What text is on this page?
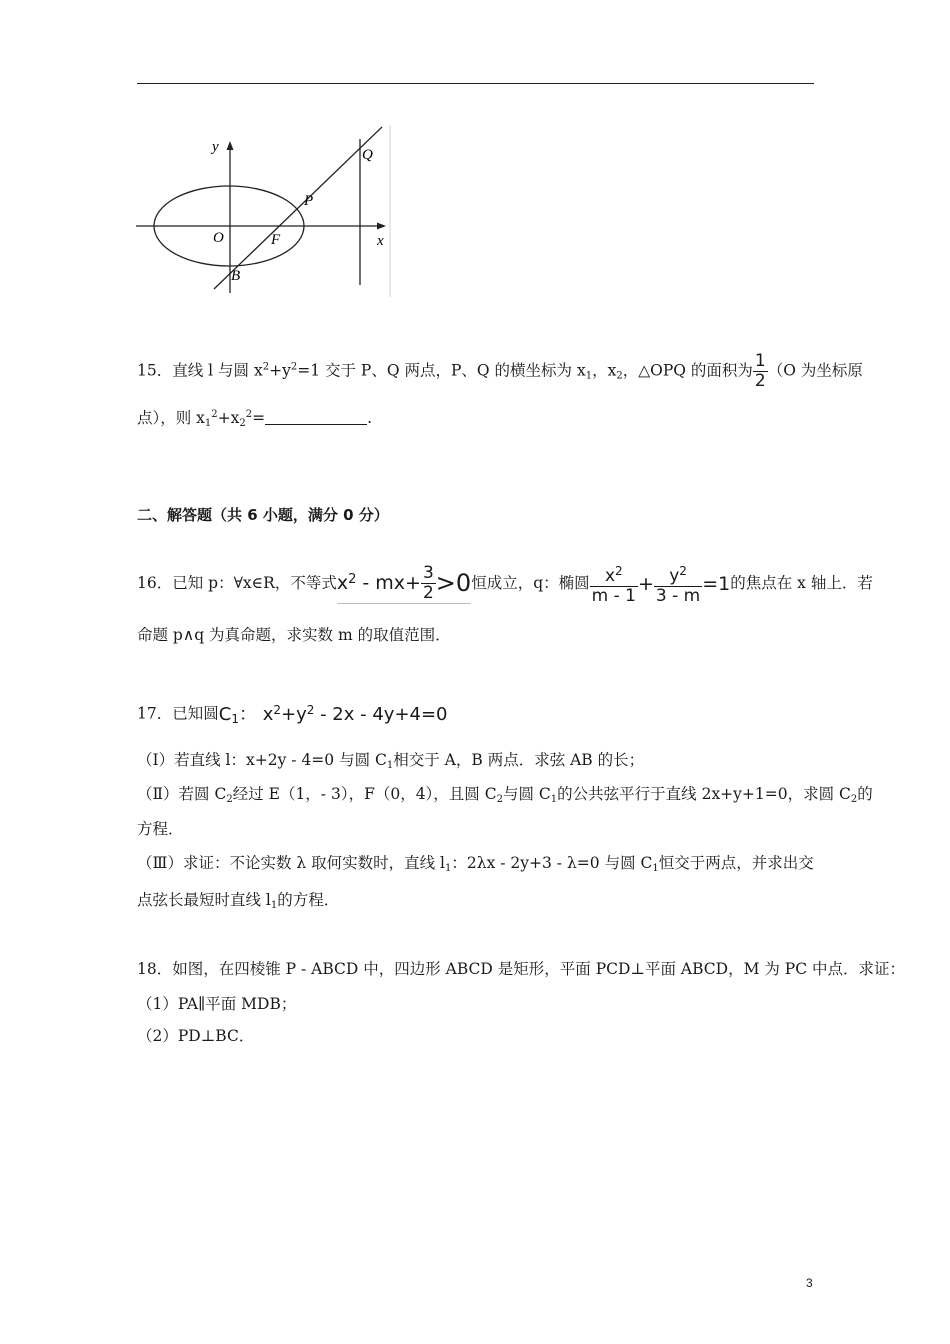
y
x
O	F
P
Q
B
15．直线 l 与圆 $x^2+y^2=1$ 交于 P、Q 两点，P、Q 的横坐标为 $x_1$，$x_2$，△OPQ 的面积为 $\frac{1}{2} (O$ 为坐标原
点），则 $x_1^2+x_2^2=$	.
二、解答题（共 6 小题，满分 0 分）
16．已知 p：∀x∈R，不等式$x^2 - mx+ \frac{3}{2} >0$恒成立，q：椭圆 $\frac{x^2}{m - 1} + \frac{y^2}{3 - m} =1$的焦点在 x 轴上．若
命题 p∧q 为真命题，求实数 m 的取值范围．
17．已知圆$C_1$： $x^2+y^2 - 2x - 4y+4=0$
（Ⅰ）若直线 l：x+2y - 4=0 与圆 $C_1$相交于 A，B 两点．求弦 AB 的长；
（Ⅱ）若圆 $C_2$经过 E（1，- 3），F（0，4），且圆 $C_2$与圆 $C_1$的公共弦平行于直线 2x+y+1=0，求圆 $C_2$的
方程．
（Ⅲ）求证：不论实数 λ 取何实数时，直线 $l_1$：2λx - 2y+3 - λ=0 与圆 $C_1$恒交于两点，并求出交
点弦长最短时直线 $l_1$的方程．
18．如图，在四棱锥 P - ABCD 中，四边形 ABCD 是矩形，平面 PCD⊥平面 ABCD，M 为 PC 中点．求证：
（1）PA∥平面 MDB；
（2）PD⊥BC．
3
